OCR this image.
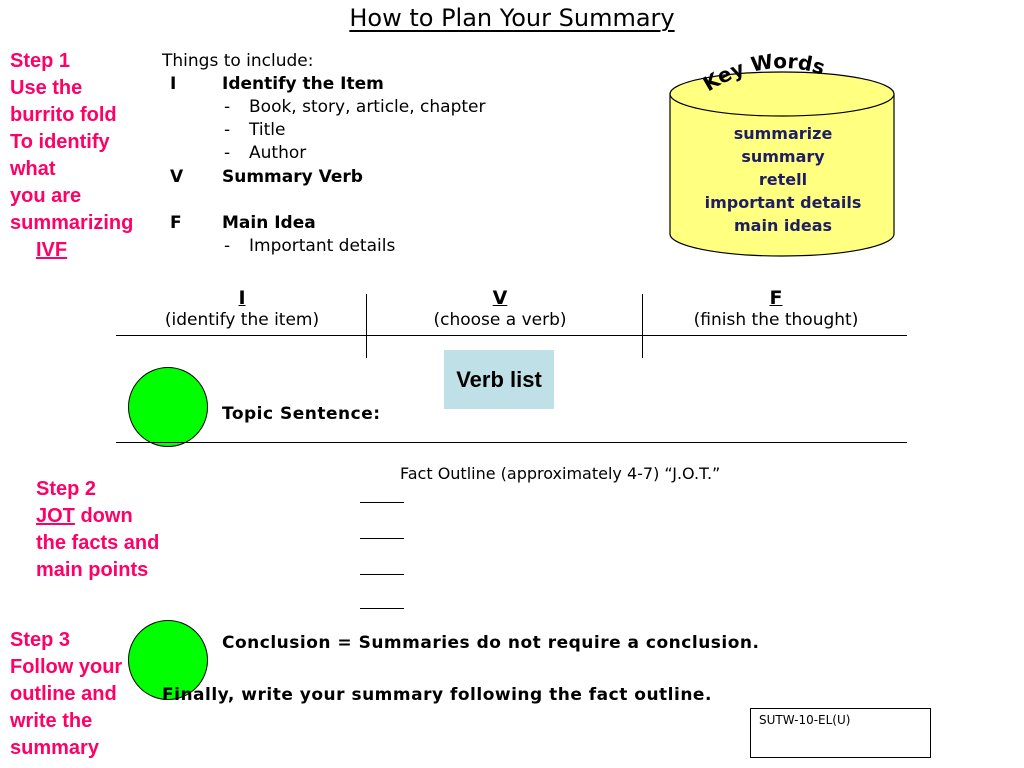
How to Plan Your Summary
Step 1
Use the
burrito fold
To identify
what
you are
summarizing
IVF
Things to include:
I	Identify the Item
- Book, story, article, chapter
- Title
- Author
V Summary Verb
F Main Idea
- Important details
Key Words
summarize
summary
retell
important details
main ideas
I
(identify the item)
V
(choose a verb)
F
(finish the thought)
Verb list
Topic Sentence:
Step 2
JOT down
the facts and
main points
Fact Outline (approximately 4-7) “J.O.T.”
Step 3
Follow your
outline and
write the
summary
Conclusion = Summaries do not require a conclusion.
Finally, write your summary following the fact outline.
SUTW-10-EL(U)
